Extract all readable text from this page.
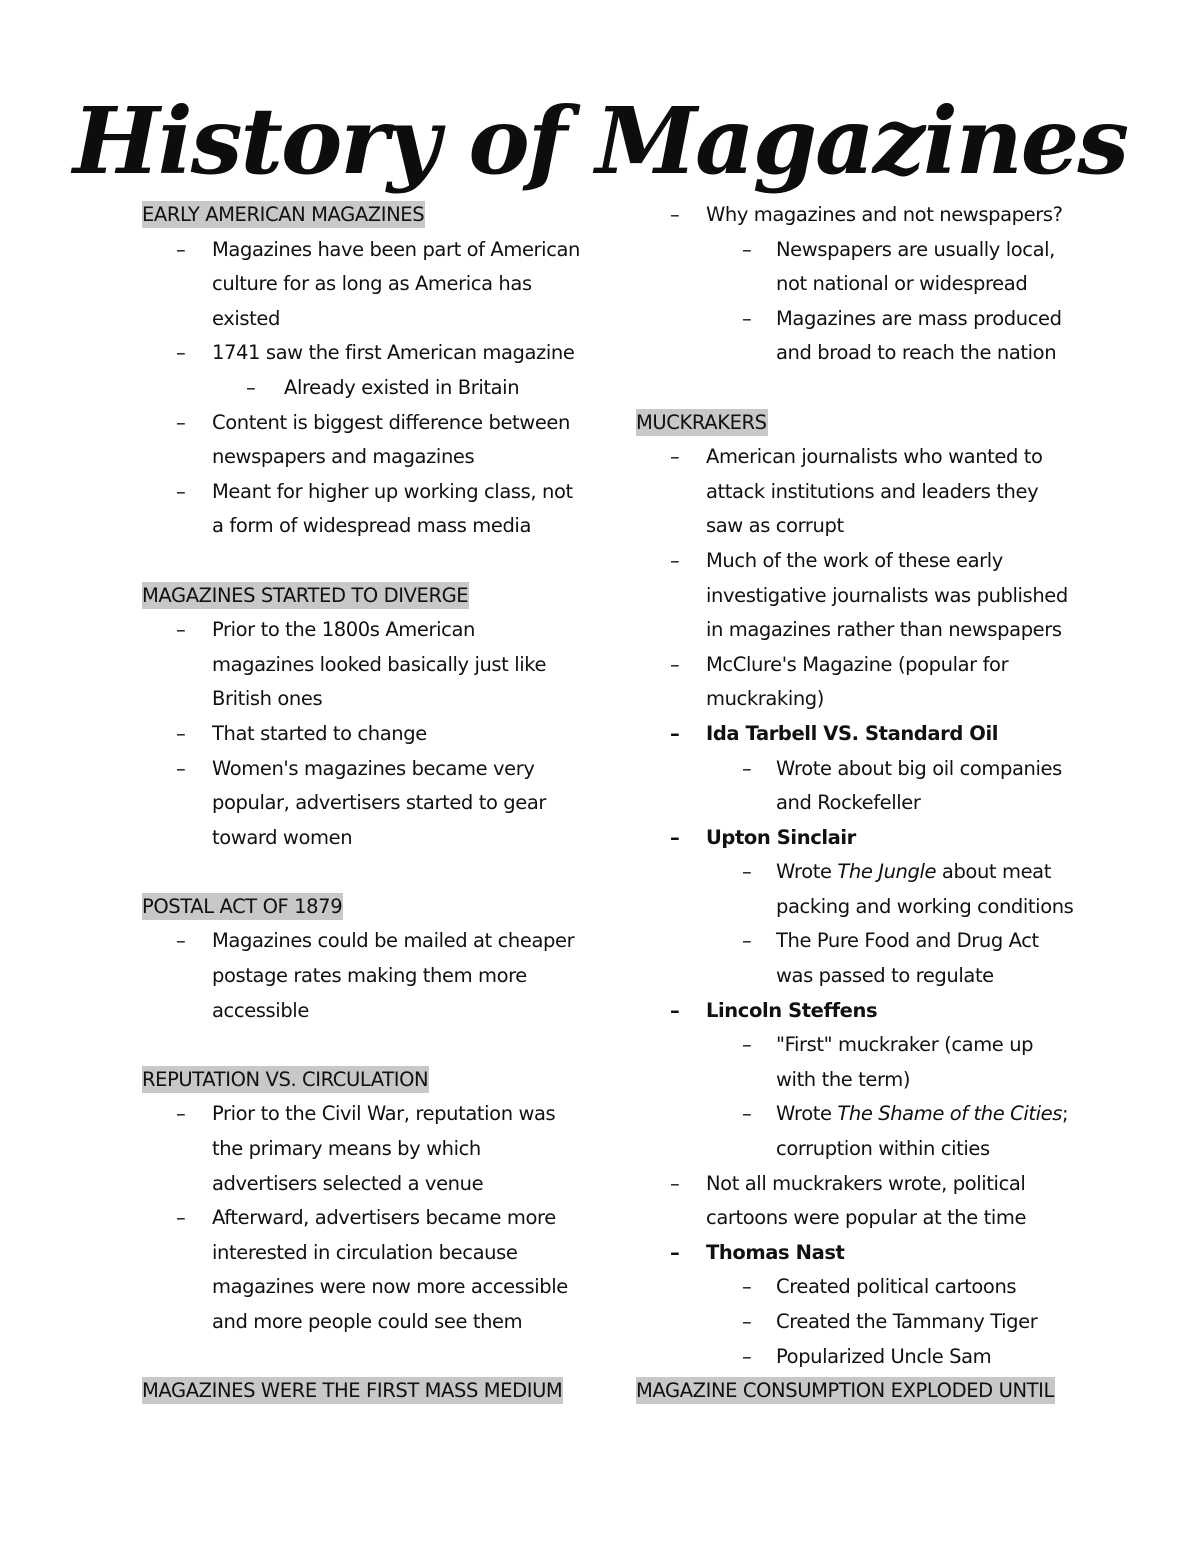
History of Magazines
EARLY AMERICAN MAGAZINES
– Magazines have been part of American
culture for as long as America has
existed
– 1741 saw the first American magazine
– Already existed in Britain
– Content is biggest difference between
newspapers and magazines
– Meant for higher up working class, not
a form of widespread mass media
MAGAZINES STARTED TO DIVERGE
– Prior to the 1800s American
magazines looked basically just like
British ones
– That started to change
– Women's magazines became very
popular, advertisers started to gear
toward women
POSTAL ACT OF 1879
– Magazines could be mailed at cheaper
postage rates making them more
accessible
REPUTATION VS. CIRCULATION
– Prior to the Civil War, reputation was
the primary means by which
advertisers selected a venue
– Afterward, advertisers became more
interested in circulation because
magazines were now more accessible
and more people could see them
MAGAZINES WERE THE FIRST MASS MEDIUM
– Why magazines and not newspapers?
– Newspapers are usually local,
not national or widespread
– Magazines are mass produced
and broad to reach the nation
MUCKRAKERS
– American journalists who wanted to
attack institutions and leaders they
saw as corrupt
– Much of the work of these early
investigative journalists was published
in magazines rather than newspapers
– McClure's Magazine (popular for
muckraking)
– Ida Tarbell VS. Standard Oil
– Wrote about big oil companies
and Rockefeller
– Upton Sinclair
– Wrote The Jungle about meat
packing and working conditions
– The Pure Food and Drug Act
was passed to regulate
– Lincoln Steffens
– "First" muckraker (came up
with the term)
– Wrote The Shame of the Cities;
corruption within cities
– Not all muckrakers wrote, political
cartoons were popular at the time
– Thomas Nast
– Created political cartoons
– Created the Tammany Tiger
– Popularized Uncle Sam
MAGAZINE CONSUMPTION EXPLODED UNTIL
